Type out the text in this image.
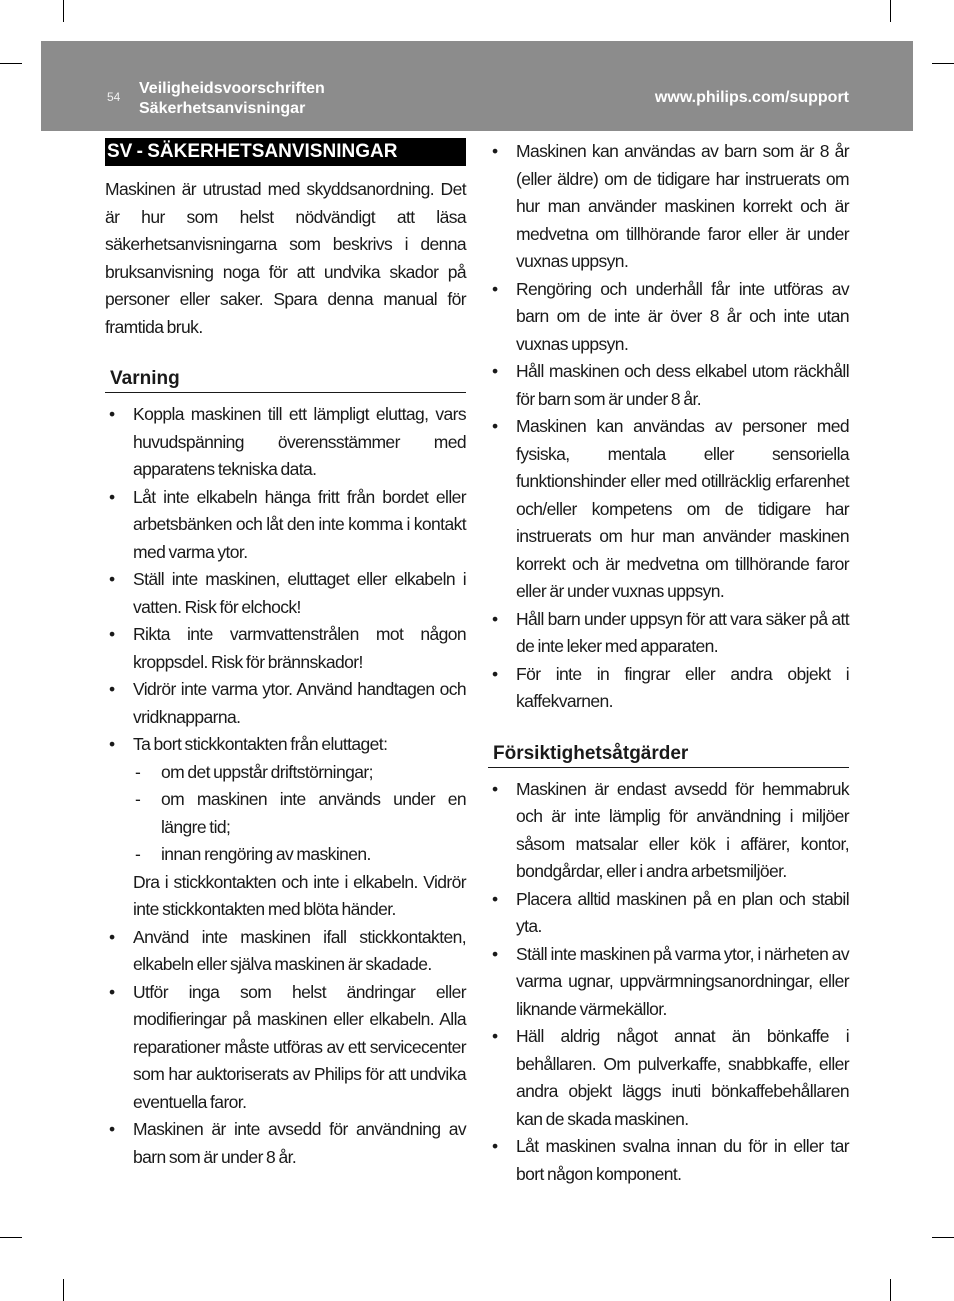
54 Veiligheidsvoorschriften
Säkerhetsanvisningar
www.philips.com/support
SV - SÄKERHETSANVISNINGAR

Maskinen är utrustad med skyddsanordning. Det är hur som helst nödvändigt att läsa säkerhetsanvisningarna som beskrivs i denna bruksanvisning noga för att undvika skador på personer eller saker. Spara denna manual för framtida bruk.

Varning
• Koppla maskinen till ett lämpligt eluttag, vars huvudspänning överensstämmer med apparatens tekniska data.
• Låt inte elkabeln hänga fritt från bordet eller arbetsbänken och låt den inte komma i kontakt med varma ytor.
• Ställ inte maskinen, eluttaget eller elkabeln i vatten. Risk för elchock!
• Rikta inte varmvattenstrålen mot någon kroppsdel. Risk för brännskador!
• Vidrör inte varma ytor. Använd handtagen och vridknapparna.
• Ta bort stickkontakten från eluttaget:
- om det uppstår driftstörningar;
- om maskinen inte används under en längre tid;
- innan rengöring av maskinen.
Dra i stickkontakten och inte i elkabeln. Vidrör inte stickkontakten med blöta händer.
• Använd inte maskinen ifall stickkontakten, elkabeln eller själva maskinen är skadade.
• Utför inga som helst ändringar eller modifieringar på maskinen eller elkabeln. Alla reparationer måste utföras av ett servicecenter som har auktoriserats av Philips för att undvika eventuella faror.
• Maskinen är inte avsedd för användning av barn som är under 8 år.
• Maskinen kan användas av barn som är 8 år (eller äldre) om de tidigare har instruerats om hur man använder maskinen korrekt och är medvetna om tillhörande faror eller är under vuxnas uppsyn.
• Rengöring och underhåll får inte utföras av barn om de inte är över 8 år och inte utan vuxnas uppsyn.
• Håll maskinen och dess elkabel utom räckhåll för barn som är under 8 år.
• Maskinen kan användas av personer med fysiska, mentala eller sensoriella funktionshinder eller med otillräcklig erfarenhet och/eller kompetens om de tidigare har instruerats om hur man använder maskinen korrekt och är medvetna om tillhörande faror eller är under vuxnas uppsyn.
• Håll barn under uppsyn för att vara säker på att de inte leker med apparaten.
• För inte in fingrar eller andra objekt i kaffekvarnen.
Försiktighetsåtgärder
• Maskinen är endast avsedd för hemmabruk och är inte lämplig för användning i miljöer såsom matsalar eller kök i affärer, kontor, bondgårdar, eller i andra arbetsmiljöer.
• Placera alltid maskinen på en plan och stabil yta.
• Ställ inte maskinen på varma ytor, i närheten av varma ugnar, uppvärmningsanordningar, eller liknande värmekällor.
• Häll aldrig något annat än bönkaffe i behållaren. Om pulverkaffe, snabbkaffe, eller andra objekt läggs inuti bönkaffebehållaren kan de skada maskinen.
• Låt maskinen svalna innan du för in eller tar bort någon komponent.
